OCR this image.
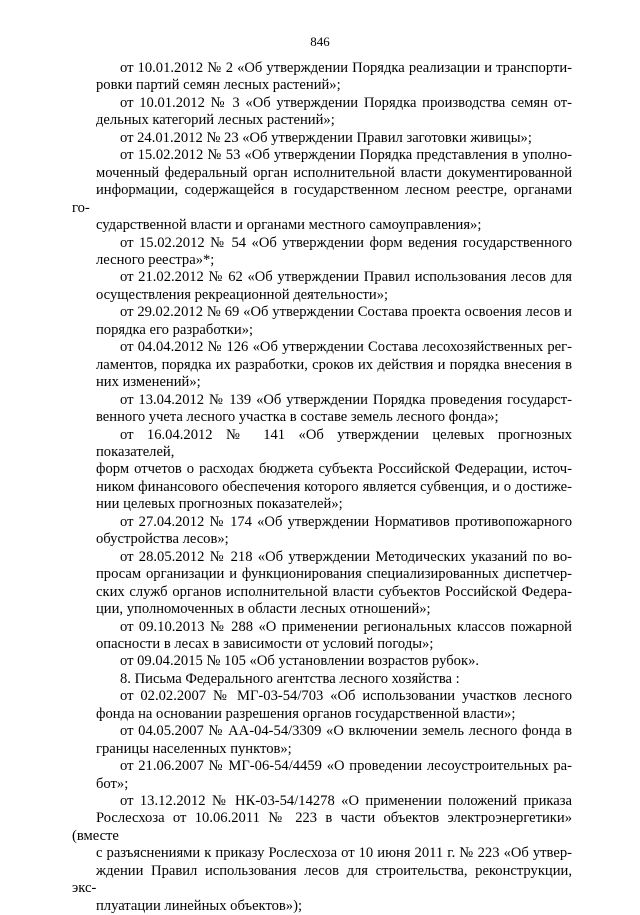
846

от 10.01.2012 № 2 «Об утверждении Порядка реализации и транспорти-
ровки партий семян лесных растений»;

от 10.01.2012 № 3 «Об утверждении Порядка производства семян от-
дельных категорий лесных растений»;

от 24.01.2012 № 23 «Об утверждении Правил заготовки живицы»;

от 15.02.2012 № 53 «Об утверждении Порядка представления в уполно-
моченный федеральный орган исполнительной власти документированной
информации, содержащейся в государственном лесном реестре, органами го-
сударственной власти и органами местного самоуправления»;

от 15.02.2012 № 54 «Об утверждении форм ведения государственного
лесного реестра»*;

от 21.02.2012 № 62 «Об утверждении Правил использования лесов для
осуществления рекреационной деятельности»;

от 29.02.2012 № 69 «Об утверждении Состава проекта освоения лесов и
порядка его разработки»;

от 04.04.2012 № 126 «Об утверждении Состава лесохозяйственных рег-
ламентов, порядка их разработки, сроков их действия и порядка внесения в
них изменений»;

от 13.04.2012 № 139 «Об утверждении Порядка проведения государст-
венного учета лесного участка в составе земель лесного фонда»;

от 16.04.2012 № 141 «Об утверждении целевых прогнозных показателей,
форм отчетов о расходах бюджета субъекта Российской Федерации, источ-
ником финансового обеспечения которого является субвенция, и о достиже-
нии целевых прогнозных показателей»;

от 27.04.2012 № 174 «Об утверждении Нормативов противопожарного
обустройства лесов»;

от 28.05.2012 № 218 «Об утверждении Методических указаний по во-
просам организации и функционирования специализированных диспетчер-
ских служб органов исполнительной власти субъектов Российской Федера-
ции, уполномоченных в области лесных отношений»;

от 09.10.2013 № 288 «О применении региональных классов пожарной
опасности в лесах в зависимости от условий погоды»;

от 09.04.2015 № 105 «Об установлении возрастов рубок».

8. Письма Федерального агентства лесного хозяйства :

от 02.02.2007 № МГ-03-54/703 «Об использовании участков лесного
фонда на основании разрешения органов государственной власти»;

от 04.05.2007 № АА-04-54/3309 «О включении земель лесного фонда в
границы населенных пунктов»;

от 21.06.2007 № МГ-06-54/4459 «О проведении лесоустроительных ра-
бот»;

от 13.12.2012 № НК-03-54/14278 «О применении положений приказа
Рослесхоза от 10.06.2011 № 223 в части объектов электроэнергетики» (вместе
с разъяснениями к приказу Рослесхоза от 10 июня 2011 г. № 223 «Об утвер-
ждении Правил использования лесов для строительства, реконструкции, экс-
плуатации линейных объектов»);
